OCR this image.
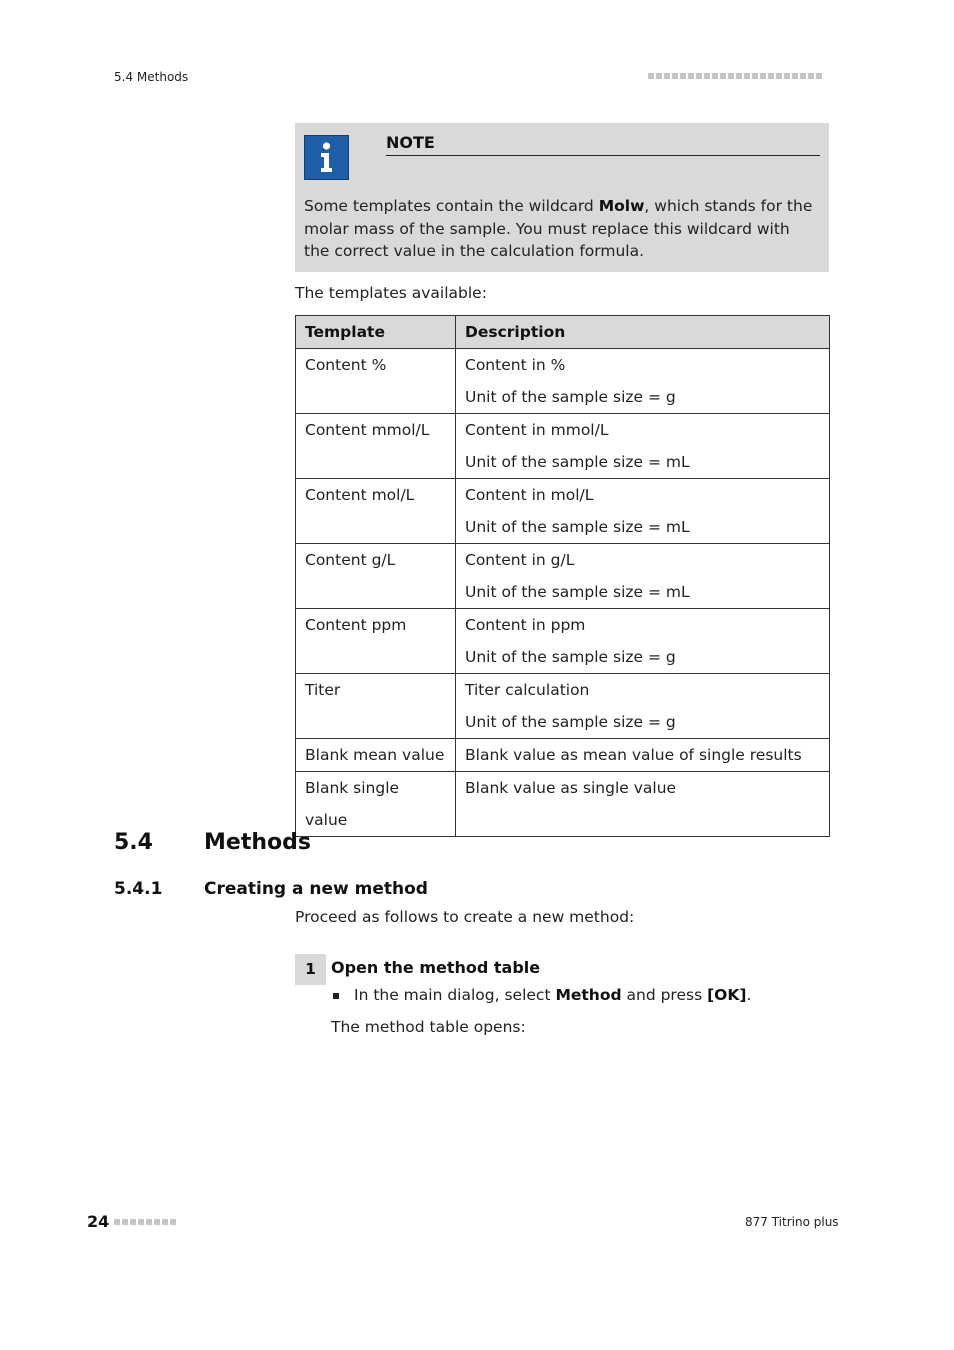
5.4 Methods
NOTE
Some templates contain the wildcard Molw, which stands for the molar mass of the sample. You must replace this wildcard with the correct value in the calculation formula.
The templates available:
Template	Description

Content %	Content in %
Unit of the sample size = g

Content mmol/L	Content in mmol/L
Unit of the sample size = mL

Content mol/L	Content in mol/L
Unit of the sample size = mL

Content g/L	Content in g/L
Unit of the sample size = mL

Content ppm	Content in ppm
Unit of the sample size = g

Titer	Titer calculation
Unit of the sample size = g

Blank mean value	Blank value as mean value of single results

Blank single value	Blank value as single value
5.4 Methods
5.4.1 Creating a new method
Proceed as follows to create a new method:
1 Open the method table
In the main dialog, select Method and press [OK].
The method table opens:
24	877 Titrino plus
